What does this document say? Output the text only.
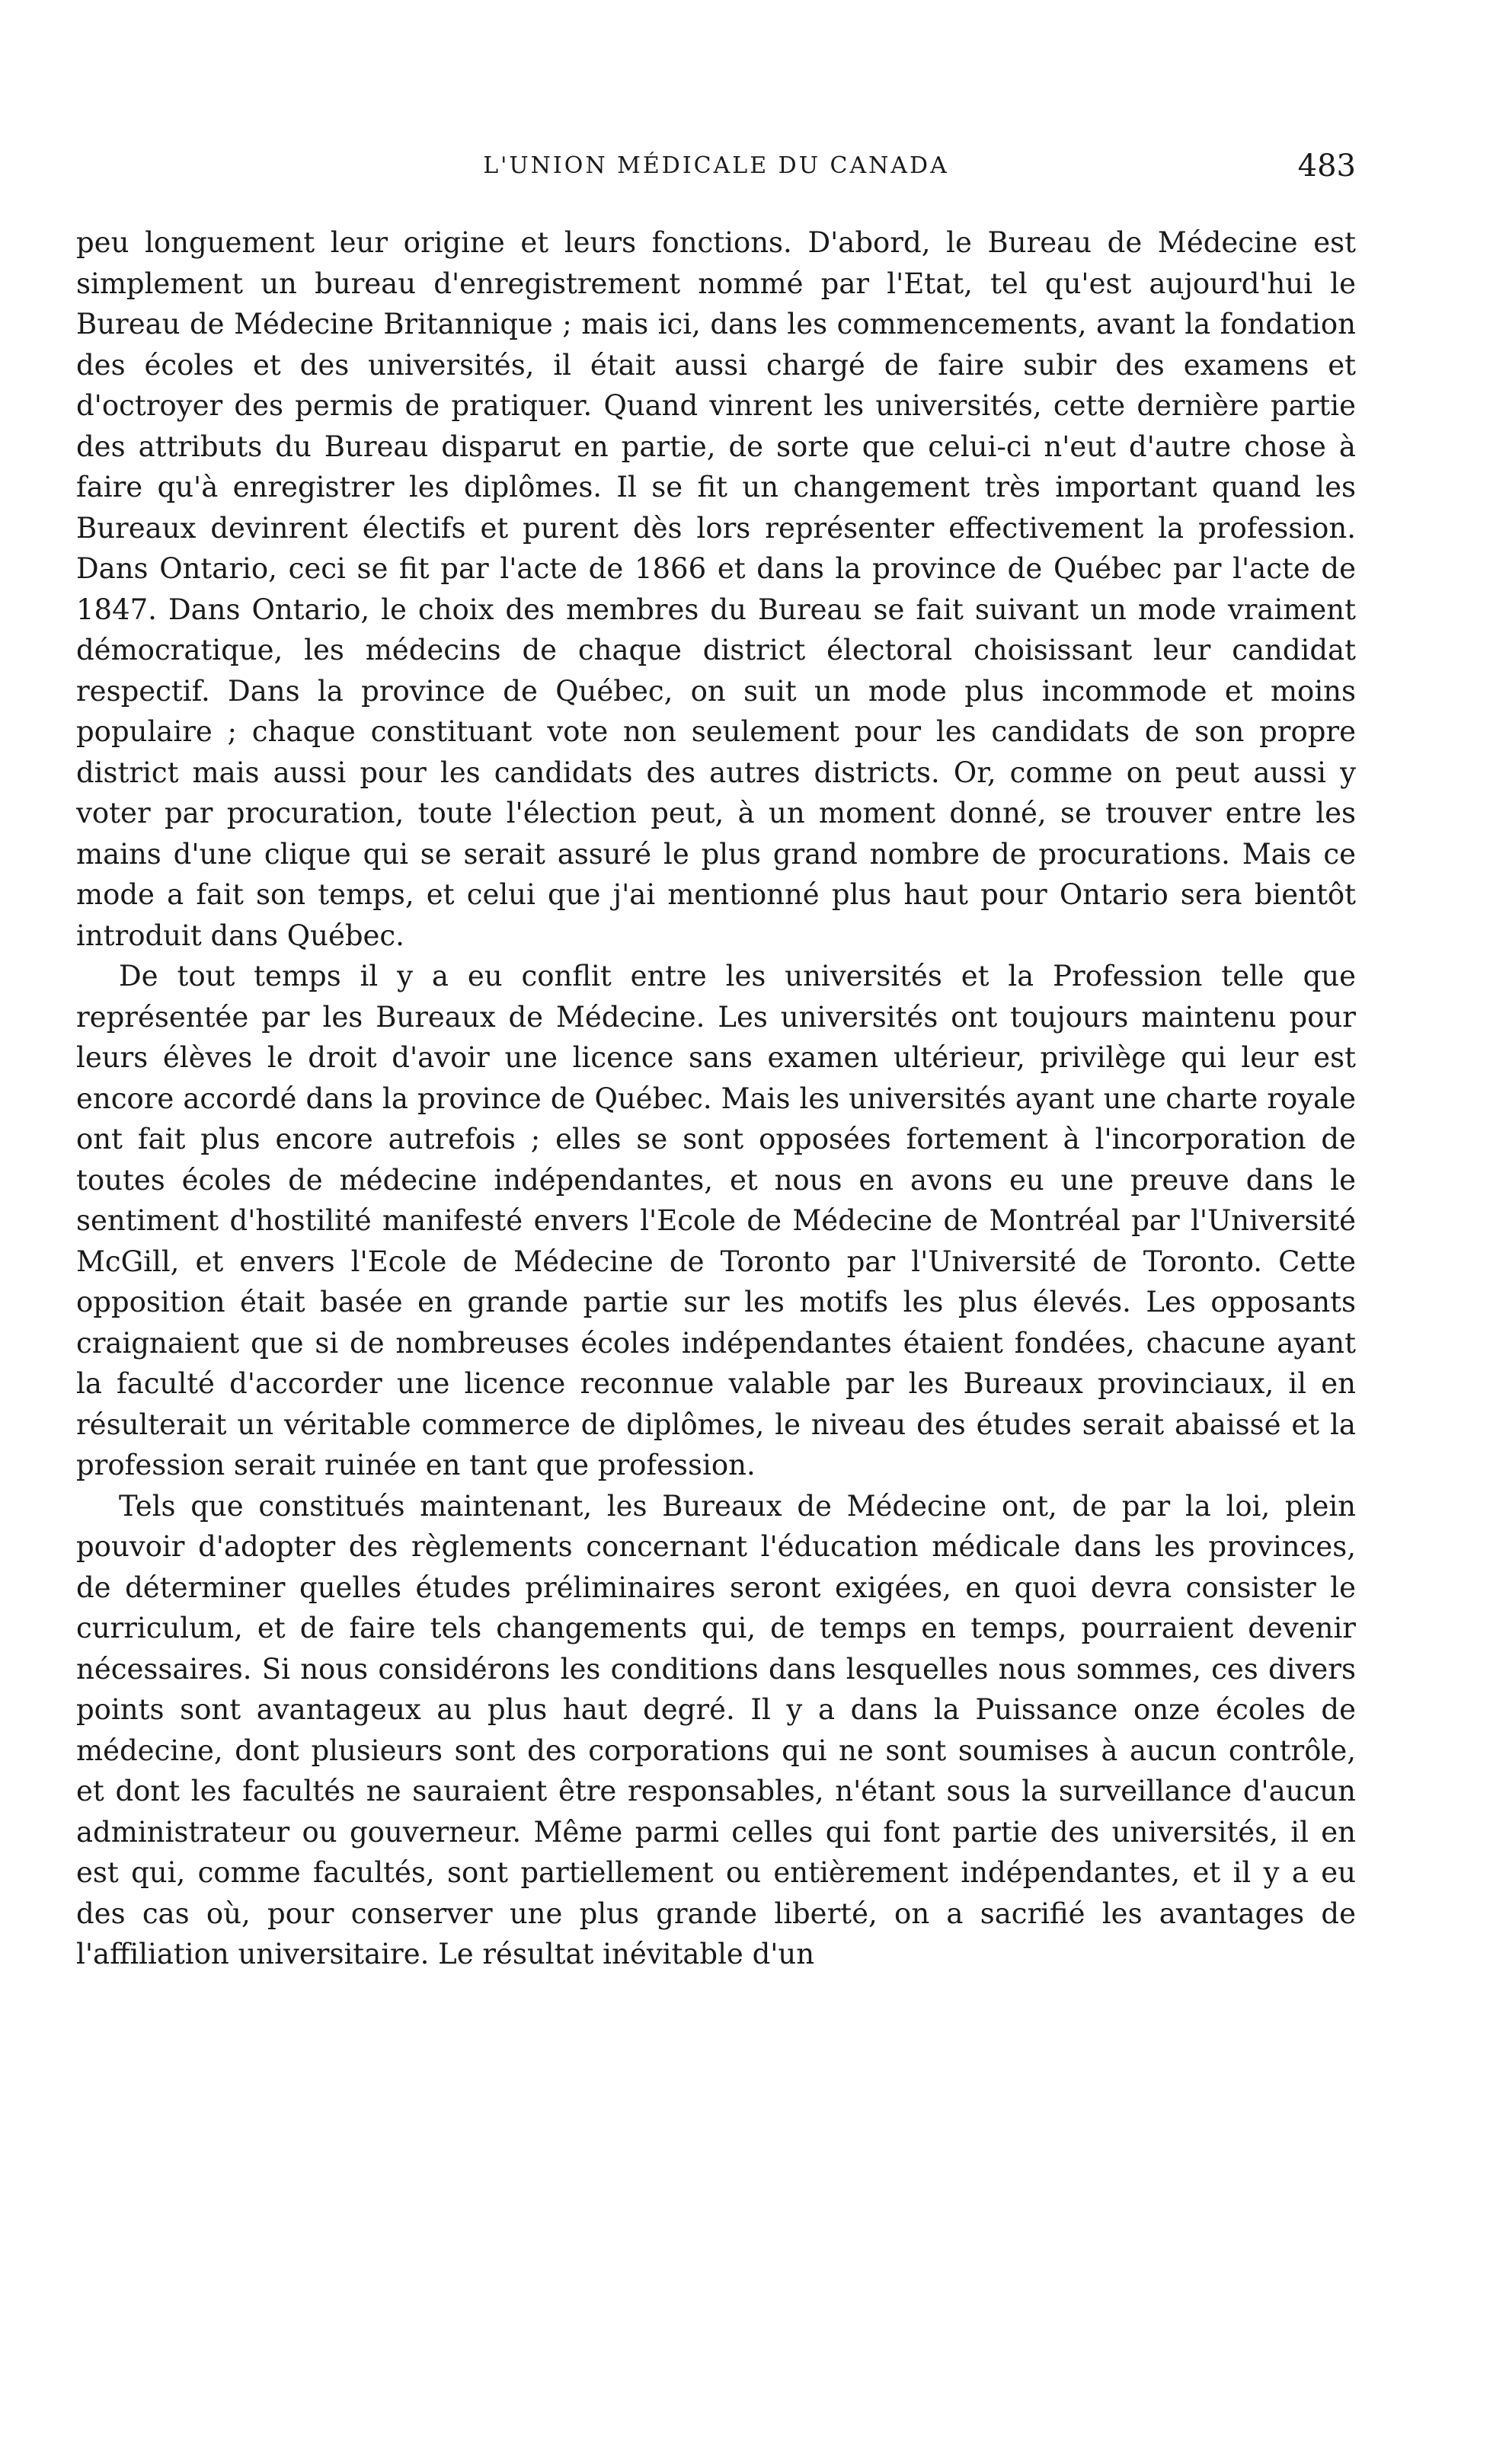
L'UNION MÉDICALE DU CANADA	483

peu longuement leur origine et leurs fonctions. D'abord, le Bureau de Médecine est simplement un bureau d'enregistrement nommé par l'Etat, tel qu'est aujourd'hui le Bureau de Médecine Britannique ; mais ici, dans les commencements, avant la fondation des écoles et des universités, il était aussi chargé de faire subir des examens et d'octroyer des permis de pratiquer. Quand vinrent les universités, cette dernière partie des attributs du Bureau disparut en partie, de sorte que celui-ci n'eut d'autre chose à faire qu'à enregistrer les diplômes. Il se fit un changement très important quand les Bureaux devinrent électifs et purent dès lors représenter effectivement la profession. Dans Ontario, ceci se fit par l'acte de 1866 et dans la province de Québec par l'acte de 1847. Dans Ontario, le choix des membres du Bureau se fait suivant un mode vraiment démocratique, les médecins de chaque district électoral choisissant leur candidat respectif. Dans la province de Québec, on suit un mode plus incommode et moins populaire ; chaque constituant vote non seulement pour les candidats de son propre district mais aussi pour les candidats des autres districts. Or, comme on peut aussi y voter par procuration, toute l'élection peut, à un moment donné, se trouver entre les mains d'une clique qui se serait assuré le plus grand nombre de procurations. Mais ce mode a fait son temps, et celui que j'ai mentionné plus haut pour Ontario sera bientôt introduit dans Québec.

De tout temps il y a eu conflit entre les universités et la Profession telle que représentée par les Bureaux de Médecine. Les universités ont toujours maintenu pour leurs élèves le droit d'avoir une licence sans examen ultérieur, privilège qui leur est encore accordé dans la province de Québec. Mais les universités ayant une charte royale ont fait plus encore autrefois ; elles se sont opposées fortement à l'incorporation de toutes écoles de médecine indépendantes, et nous en avons eu une preuve dans le sentiment d'hostilité manifesté envers l'Ecole de Médecine de Montréal par l'Université McGill, et envers l'Ecole de Médecine de Toronto par l'Université de Toronto. Cette opposition était basée en grande partie sur les motifs les plus élevés. Les opposants craignaient que si de nombreuses écoles indépendantes étaient fondées, chacune ayant la faculté d'accorder une licence reconnue valable par les Bureaux provinciaux, il en résulterait un véritable commerce de diplômes, le niveau des études serait abaissé et la profession serait ruinée en tant que profession.

Tels que constitués maintenant, les Bureaux de Médecine ont, de par la loi, plein pouvoir d'adopter des règlements concernant l'éducation médicale dans les provinces, de déterminer quelles études préliminaires seront exigées, en quoi devra consister le curriculum, et de faire tels changements qui, de temps en temps, pourraient devenir nécessaires. Si nous considérons les conditions dans lesquelles nous sommes, ces divers points sont avantageux au plus haut degré. Il y a dans la Puissance onze écoles de médecine, dont plusieurs sont des corporations qui ne sont soumises à aucun contrôle, et dont les facultés ne sauraient être responsables, n'étant sous la surveillance d'aucun administrateur ou gouverneur. Même parmi celles qui font partie des universités, il en est qui, comme facultés, sont partiellement ou entièrement indépendantes, et il y a eu des cas où, pour conserver une plus grande liberté, on a sacrifié les avantages de l'affiliation universitaire. Le résultat inévitable d'un
